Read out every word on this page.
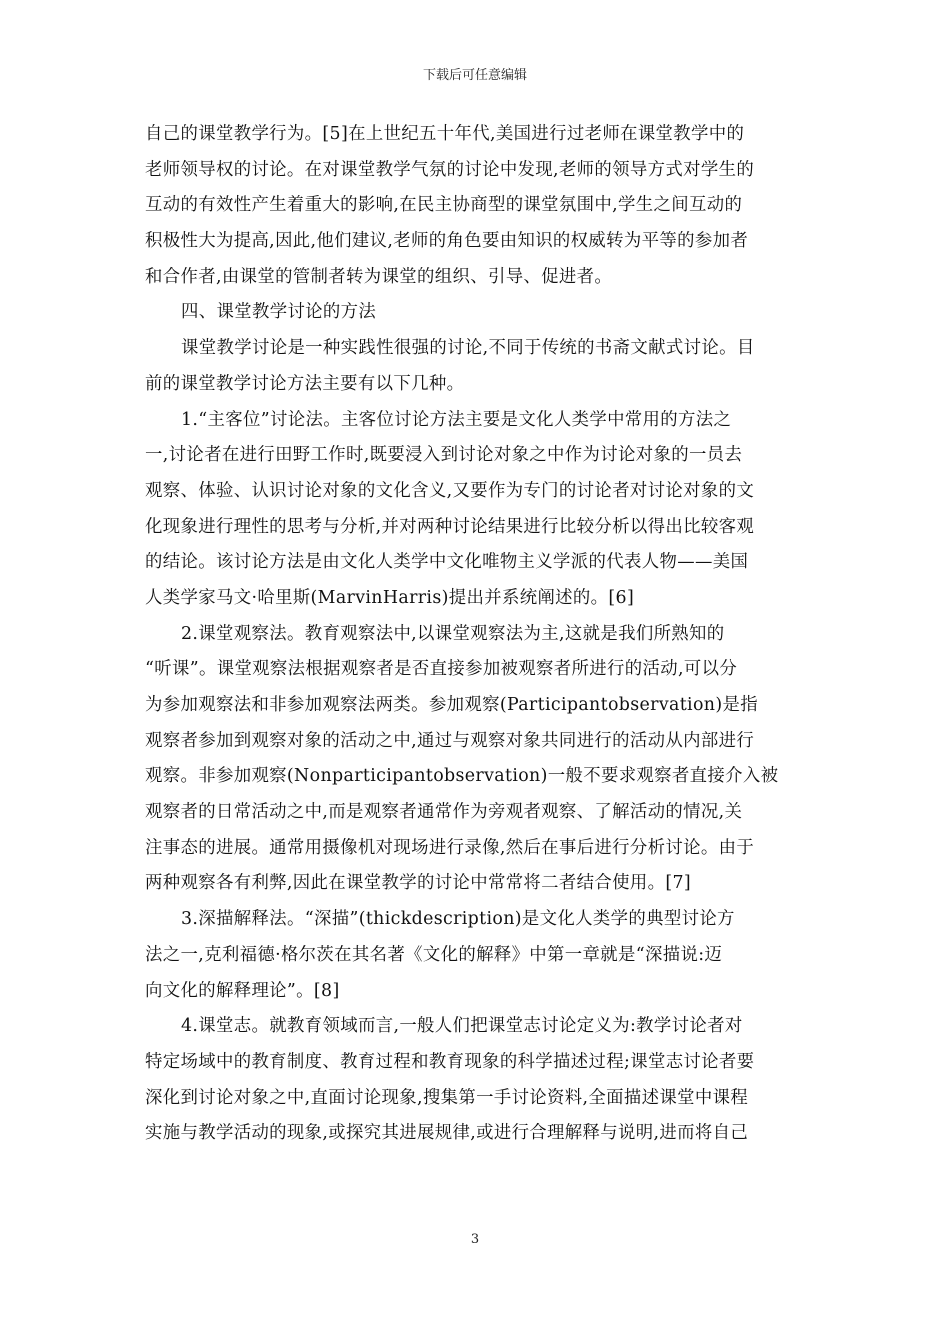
下载后可任意编辑
自己的课堂教学行为。[5]在上世纪五十年代,美国进行过老师在课堂教学中的
老师领导权的讨论。在对课堂教学气氛的讨论中发现,老师的领导方式对学生的
互动的有效性产生着重大的影响,在民主协商型的课堂氛围中,学生之间互动的
积极性大为提高,因此,他们建议,老师的角色要由知识的权威转为平等的参加者
和合作者,由课堂的管制者转为课堂的组织、引导、促进者。
四、课堂教学讨论的方法
课堂教学讨论是一种实践性很强的讨论,不同于传统的书斋文献式讨论。目
前的课堂教学讨论方法主要有以下几种。
1.“主客位”讨论法。主客位讨论方法主要是文化人类学中常用的方法之
一,讨论者在进行田野工作时,既要浸入到讨论对象之中作为讨论对象的一员去
观察、体验、认识讨论对象的文化含义,又要作为专门的讨论者对讨论对象的文
化现象进行理性的思考与分析,并对两种讨论结果进行比较分析以得出比较客观
的结论。该讨论方法是由文化人类学中文化唯物主义学派的代表人物——美国
人类学家马文·哈里斯(MarvinHarris)提出并系统阐述的。[6]
2.课堂观察法。教育观察法中,以课堂观察法为主,这就是我们所熟知的
“听课”。课堂观察法根据观察者是否直接参加被观察者所进行的活动,可以分
为参加观察法和非参加观察法两类。参加观察(Participantobservation)是指
观察者参加到观察对象的活动之中,通过与观察对象共同进行的活动从内部进行
观察。非参加观察(Nonparticipantobservation)一般不要求观察者直接介入被
观察者的日常活动之中,而是观察者通常作为旁观者观察、了解活动的情况,关
注事态的进展。通常用摄像机对现场进行录像,然后在事后进行分析讨论。由于
两种观察各有利弊,因此在课堂教学的讨论中常常将二者结合使用。[7]
3.深描解释法。“深描”(thickdescription)是文化人类学的典型讨论方
法之一,克利福德·格尔茨在其名著《文化的解释》中第一章就是“深描说:迈
向文化的解释理论”。[8]
4.课堂志。就教育领域而言,一般人们把课堂志讨论定义为:教学讨论者对
特定场域中的教育制度、教育过程和教育现象的科学描述过程;课堂志讨论者要
深化到讨论对象之中,直面讨论现象,搜集第一手讨论资料,全面描述课堂中课程
实施与教学活动的现象,或探究其进展规律,或进行合理解释与说明,进而将自己
3
